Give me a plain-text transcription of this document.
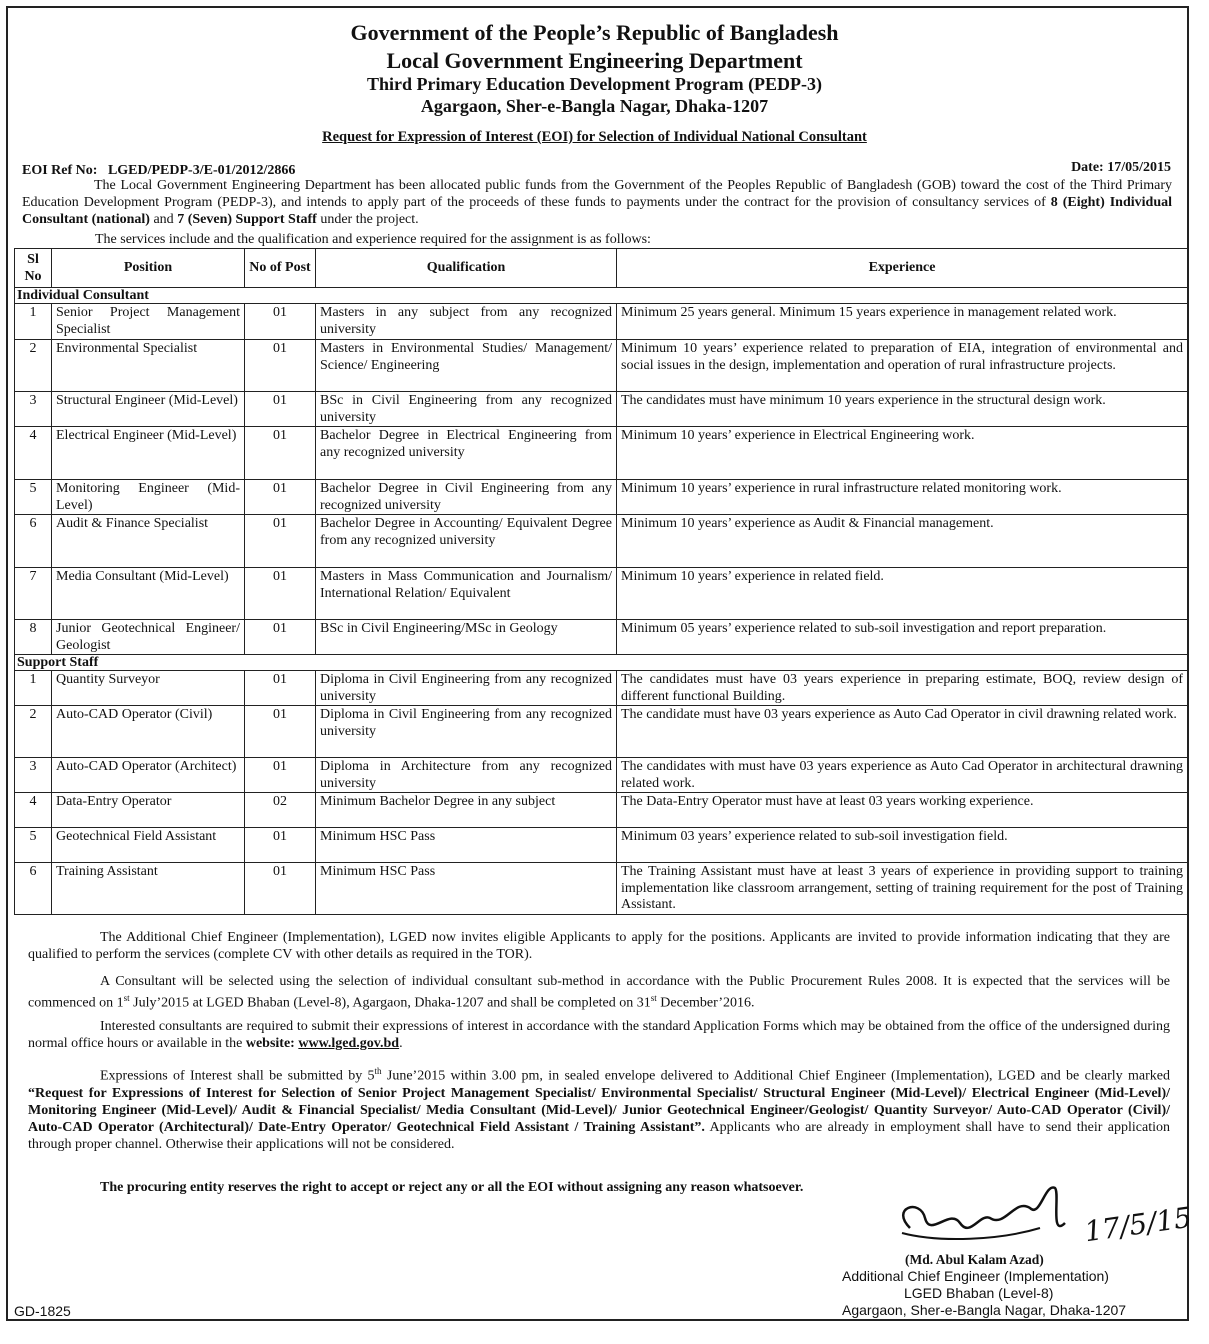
Government of the People’s Republic of Bangladesh
Local Government Engineering Department
Third Primary Education Development Program (PEDP-3)
Agargaon, Sher-e-Bangla Nagar, Dhaka-1207
Request for Expression of Interest (EOI) for Selection of Individual National Consultant
EOI Ref No: LGED/PEDP-3/E-01/2012/2866	Date: 17/05/2015

The Local Government Engineering Department has been allocated public funds from the Government of the Peoples Republic of Bangladesh (GOB) toward the cost of the Third Primary Education Development Program (PEDP-3), and intends to apply part of the proceeds of these funds to payments under the contract for the provision of consultancy services of 8 (Eight) Individual Consultant (national) and 7 (Seven) Support Staff under the project.

The services include and the qualification and experience required for the assignment is as follows:
Sl No	Position	No of Post	Qualification	Experience
Individual Consultant				
1	Senior Project Management Specialist	01	Masters in any subject from any recognized university	Minimum 25 years general. Minimum 15 years experience in management related work.
2	Environmental Specialist	01	Masters in Environmental Studies/ Management/ Science/ Engineering	Minimum 10 years’ experience related to preparation of EIA, integration of environmental and social issues in the design, implementation and operation of rural infrastructure projects.
3	Structural Engineer (Mid-Level)	01	BSc in Civil Engineering from any recognized university	The candidates must have minimum 10 years experience in the structural design work.
4	Electrical Engineer (Mid-Level)	01	Bachelor Degree in Electrical Engineering from any recognized university	Minimum 10 years’ experience in Electrical Engineering work.
5	Monitoring Engineer (Mid-Level)	01	Bachelor Degree in Civil Engineering from any recognized university	Minimum 10 years’ experience in rural infrastructure related monitoring work.
6	Audit & Finance Specialist	01	Bachelor Degree in Accounting/ Equivalent Degree from any recognized university	Minimum 10 years’ experience as Audit & Financial management.
7	Media Consultant (Mid-Level)	01	Masters in Mass Communication and Journalism/ International Relation/ Equivalent	Minimum 10 years’ experience in related field.
8	Junior Geotechnical Engineer/ Geologist	01	BSc in Civil Engineering/MSc in Geology	Minimum 05 years’ experience related to sub-soil investigation and report preparation.
Support Staff				
1	Quantity Surveyor	01	Diploma in Civil Engineering from any recognized university	The candidates must have 03 years experience in preparing estimate, BOQ, review design of different functional Building.
2	Auto-CAD Operator (Civil)	01	Diploma in Civil Engineering from any recognized university	The candidate must have 03 years experience as Auto Cad Operator in civil drawning related work.
3	Auto-CAD Operator (Architect)	01	Diploma in Architecture from any recognized university	The candidates with must have 03 years experience as Auto Cad Operator in architectural drawning related work.
4	Data-Entry Operator	02	Minimum Bachelor Degree in any subject	The Data-Entry Operator must have at least 03 years working experience.
5	Geotechnical Field Assistant	01	Minimum HSC Pass	Minimum 03 years’ experience related to sub-soil investigation field.
6	Training Assistant	01	Minimum HSC Pass	The Training Assistant must have at least 3 years of experience in providing support to training implementation like classroom arrangement, setting of training requirement for the post of Training Assistant.

The Additional Chief Engineer (Implementation), LGED now invites eligible Applicants to apply for the positions. Applicants are invited to provide information indicating that they are qualified to perform the services (complete CV with other details as required in the TOR).

A Consultant will be selected using the selection of individual consultant sub-method in accordance with the Public Procurement Rules 2008. It is expected that the services will be commenced on 1st July’2015 at LGED Bhaban (Level-8), Agargaon, Dhaka-1207 and shall be completed on 31st December’2016.

Interested consultants are required to submit their expressions of interest in accordance with the standard Application Forms which may be obtained from the office of the undersigned during normal office hours or available in the website: www.lged.gov.bd.

Expressions of Interest shall be submitted by 5th June’2015 within 3.00 pm, in sealed envelope delivered to Additional Chief Engineer (Implementation), LGED and be clearly marked “Request for Expressions of Interest for Selection of Senior Project Management Specialist/ Environmental Specialist/ Structural Engineer (Mid-Level)/ Electrical Engineer (Mid-Level)/ Monitoring Engineer (Mid-Level)/ Audit & Financial Specialist/ Media Consultant (Mid-Level)/ Junior Geotechnical Engineer/Geologist/ Quantity Surveyor/ Auto-CAD Operator (Civil)/ Auto-CAD Operator (Architectural)/ Date-Entry Operator/ Geotechnical Field Assistant / Training Assistant”. Applicants who are already in employment shall have to send their application through proper channel. Otherwise their applications will not be considered.

The procuring entity reserves the right to accept or reject any or all the EOI without assigning any reason whatsoever.

17/5/15
(Md. Abul Kalam Azad)
Additional Chief Engineer (Implementation)
LGED Bhaban (Level-8)
Agargaon, Sher-e-Bangla Nagar, Dhaka-1207
GD-1825
